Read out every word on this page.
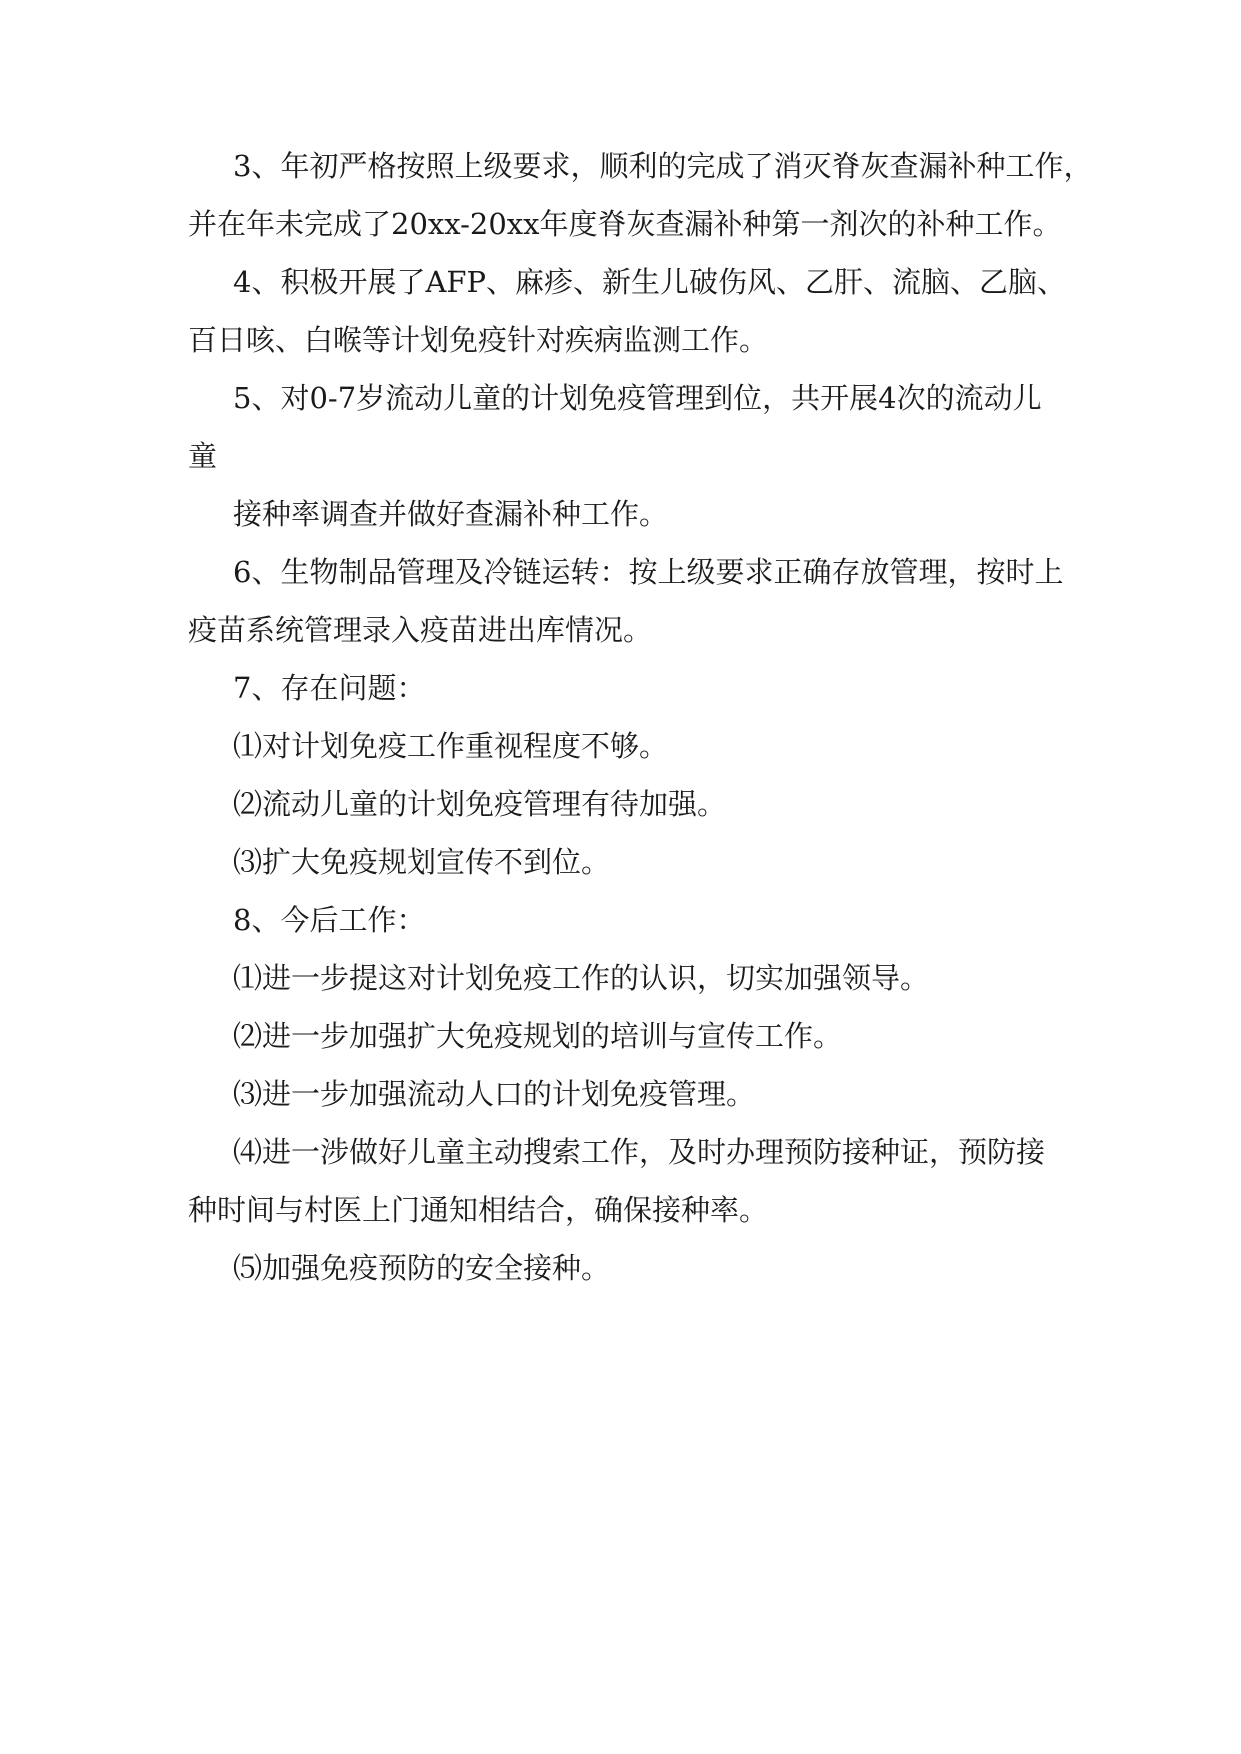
3、年初严格按照上级要求，顺利的完成了消灭脊灰查漏补种工作，

并在年未完成了20xx-20xx年度脊灰查漏补种第一剂次的补种工作。

4、积极开展了AFP、麻疹、新生儿破伤风、乙肝、流脑、乙脑、

百日咳、白喉等计划免疫针对疾病监测工作。

5、对0-7岁流动儿童的计划免疫管理到位，共开展4次的流动儿

童

接种率调查并做好查漏补种工作。

6、生物制品管理及冷链运转：按上级要求正确存放管理，按时上

疫苗系统管理录入疫苗进出库情况。

7、存在问题：

⑴对计划免疫工作重视程度不够。

⑵流动儿童的计划免疫管理有待加强。

⑶扩大免疫规划宣传不到位。

8、今后工作：

⑴进一步提这对计划免疫工作的认识，切实加强领导。

⑵进一步加强扩大免疫规划的培训与宣传工作。

⑶进一步加强流动人口的计划免疫管理。

⑷进一涉做好儿童主动搜索工作，及时办理预防接种证，预防接

种时间与村医上门通知相结合，确保接种率。

⑸加强免疫预防的安全接种。
